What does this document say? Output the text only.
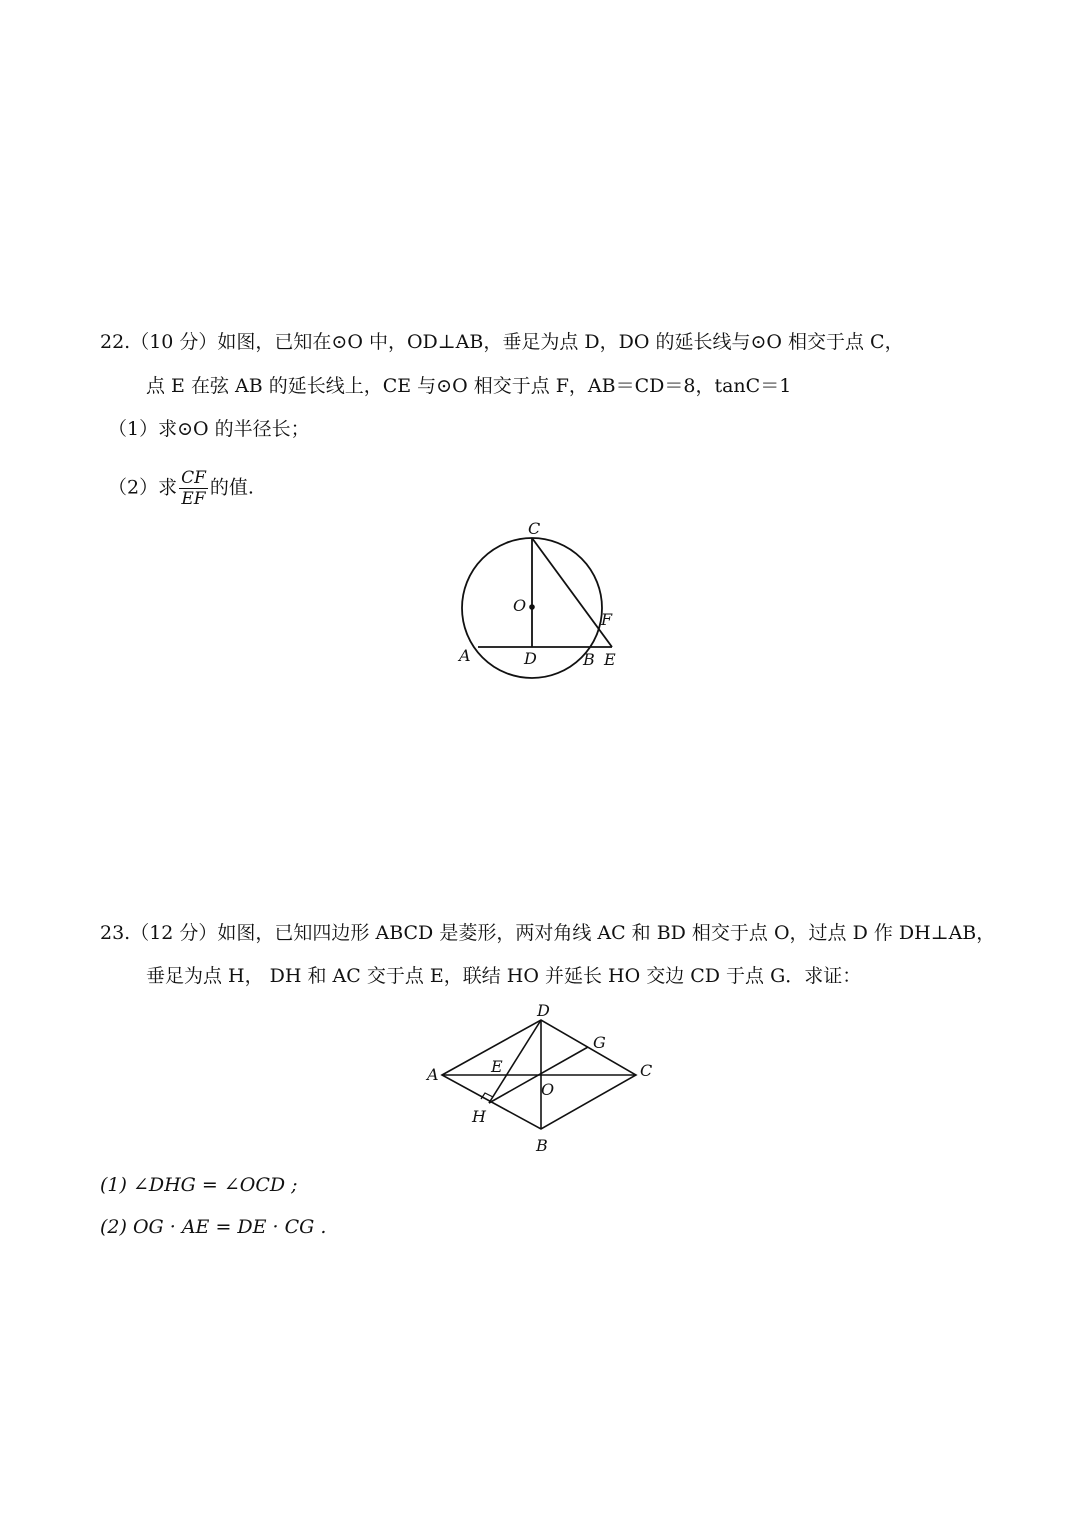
22.（10 分）如图，已知在⊙O 中，OD⊥AB，垂足为点 D，DO 的延长线与⊙O 相交于点 C，
点 E 在弦 AB 的延长线上，CE 与⊙O 相交于点 F，AB＝CD＝8，tanC＝1
（1）求⊙O 的半径长；
（2）求 $\frac{CF}{EF}$ 的值.
C
O
F
A	D	B E
23.（12 分）如图，已知四边形 ABCD 是菱形，两对角线 AC 和 BD 相交于点 O，过点 D 作 DH⊥AB，
垂足为点 H， DH 和 AC 交于点 E，联结 HO 并延长 HO 交边 CD 于点 G．求证：
D
G
A	E
O
C
H
B
(1) ∠DHG = ∠OCD ;
(2) OG · AE = DE · CG .
